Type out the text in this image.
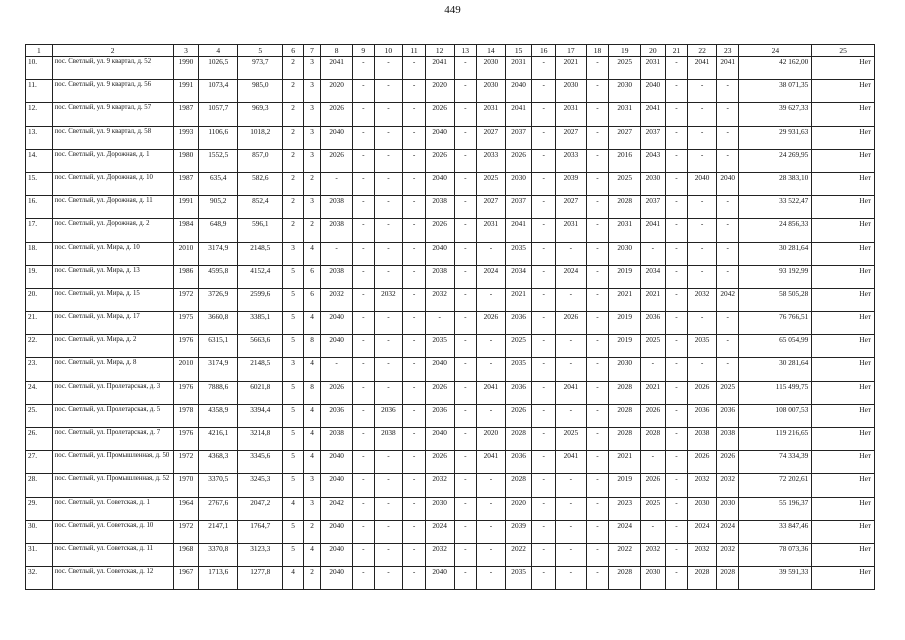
449
1	2	3	4	5	6	7	8	9	10	11	12	13	14	15	16	17	18	19	20	21	22	23	24	25
10.	пос. Светлый, ул. 9 квартал, д. 52	1990	1026,5	973,7	2	3	2041	-	-	-	2041	-	2030	2031	-	2021	-	2025	2031	-	2041	2041	42 162,00	Нет
11.	пос. Светлый, ул. 9 квартал, д. 56	1991	1073,4	985,0	2	3	2020	-	-	-	2020	-	2030	2040	-	2030	-	2030	2040	-	-	-	38 071,35	Нет
12.	пос. Светлый, ул. 9 квартал, д. 57	1987	1057,7	969,3	2	3	2026	-	-	-	2026	-	2031	2041	-	2031	-	2031	2041	-	-	-	39 627,33	Нет
13.	пос. Светлый, ул. 9 квартал, д. 58	1993	1106,6	1018,2	2	3	2040	-	-	-	2040	-	2027	2037	-	2027	-	2027	2037	-	-	-	29 931,63	Нет
14.	пос. Светлый, ул. Дорожная, д. 1	1980	1552,5	857,0	2	3	2026	-	-	-	2026	-	2033	2026	-	2033	-	2016	2043	-	-	-	24 269,95	Нет
15.	пос. Светлый, ул. Дорожная, д. 10	1987	635,4	582,6	2	2	-	-	-	-	2040	-	2025	2030	-	2039	-	2025	2030	-	2040	2040	28 383,10	Нет
16.	пос. Светлый, ул. Дорожная, д. 11	1991	905,2	852,4	2	3	2038	-	-	-	2038	-	2027	2037	-	2027	-	2028	2037	-	-	-	33 522,47	Нет
17.	пос. Светлый, ул. Дорожная, д. 2	1984	648,9	596,1	2	2	2038	-	-	-	2026	-	2031	2041	-	2031	-	2031	2041	-	-	-	24 856,33	Нет
18.	пос. Светлый, ул. Мира, д. 10	2010	3174,9	2148,5	3	4	-	-	-	-	2040	-	-	2035	-	-	-	2030	-	-	-	-	30 281,64	Нет
19.	пос. Светлый, ул. Мира, д. 13	1986	4595,8	4152,4	5	6	2038	-	-	-	2038	-	2024	2034	-	2024	-	2019	2034	-	-	-	93 192,99	Нет
20.	пос. Светлый, ул. Мира, д. 15	1972	3726,9	2599,6	5	6	2032	-	2032	-	2032	-	-	2021	-	-	-	2021	2021	-	2032	2042	58 505,28	Нет
21.	пос. Светлый, ул. Мира, д. 17	1975	3660,8	3385,1	5	4	2040	-	-	-	-	-	2026	2036	-	2026	-	2019	2036	-	-	-	76 766,51	Нет
22.	пос. Светлый, ул. Мира, д. 2	1976	6315,1	5663,6	5	8	2040	-	-	-	2035	-	-	2025	-	-	-	2019	2025	-	2035	-	65 054,99	Нет
23.	пос. Светлый, ул. Мира, д. 8	2010	3174,9	2148,5	3	4	-	-	-	-	2040	-	-	2035	-	-	-	2030	-	-	-	-	30 281,64	Нет
24.	пос. Светлый, ул. Пролетарская, д. 3	1976	7888,6	6021,8	5	8	2026	-	-	-	2026	-	2041	2036	-	2041	-	2028	2021	-	2026	2025	115 499,75	Нет
25.	пос. Светлый, ул. Пролетарская, д. 5	1978	4358,9	3394,4	5	4	2036	-	2036	-	2036	-	-	2026	-	-	-	2028	2026	-	2036	2036	108 007,53	Нет
26.	пос. Светлый, ул. Пролетарская, д. 7	1976	4216,1	3214,8	5	4	2038	-	2038	-	2040	-	2020	2028	-	2025	-	2028	2028	-	2038	2038	119 216,65	Нет
27.	пос. Светлый, ул. Промышленная, д. 50	1972	4368,3	3345,6	5	4	2040	-	-	-	2026	-	2041	2036	-	2041	-	2021	-	-	2026	2026	74 334,39	Нет
28.	пос. Светлый, ул. Промышленная, д. 52	1970	3370,5	3245,3	5	3	2040	-	-	-	2032	-	-	2028	-	-	-	2019	2026	-	2032	2032	72 202,61	Нет
29.	пос. Светлый, ул. Советская, д. 1	1964	2767,6	2047,2	4	3	2042	-	-	-	2030	-	-	2020	-	-	-	2023	2025	-	2030	2030	55 196,37	Нет
30.	пос. Светлый, ул. Советская, д. 10	1972	2147,1	1764,7	5	2	2040	-	-	-	2024	-	-	2039	-	-	-	2024	-	-	2024	2024	33 847,46	Нет
31.	пос. Светлый, ул. Советская, д. 11	1968	3370,8	3123,3	5	4	2040	-	-	-	2032	-	-	2022	-	-	-	2022	2032	-	2032	2032	78 073,36	Нет
32.	пос. Светлый, ул. Советская, д. 12	1967	1713,6	1277,8	4	2	2040	-	-	-	2040	-	-	2035	-	-	-	2028	2030	-	2028	2028	39 591,33	Нет
